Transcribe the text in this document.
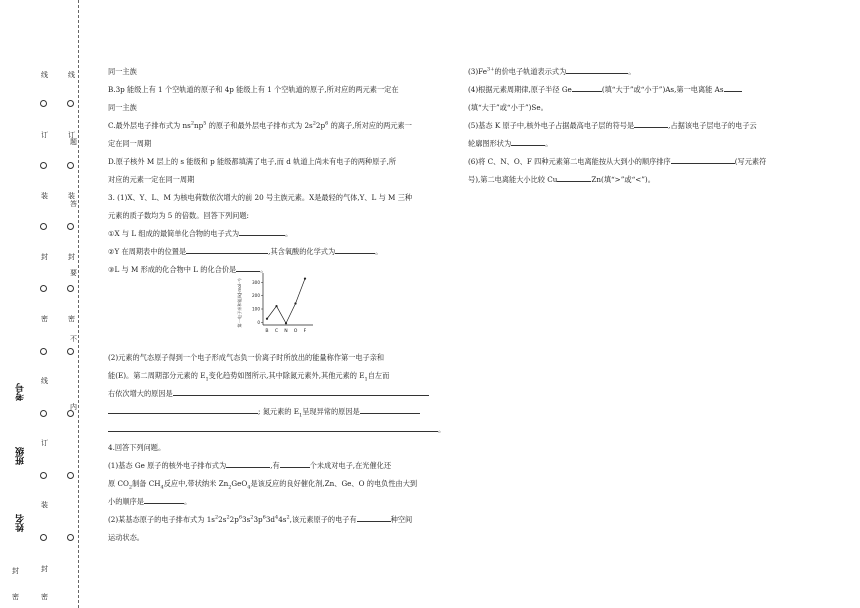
线
订
装
封
密
线
订
装
封
密
线
订
装
封
密
封
密
考号
班级
姓名
题
答
要
不
内

同一主族

B.3p 能级上有 1 个空轨道的原子和 4p 能级上有 1 个空轨道的原子,所对应的两元素一定在

同一主族

C.最外层电子排布式为 $ns^2np^5$ 的原子和最外层电子排布式为 $2s^22p^6$ 的离子,所对应的两元素一

定在同一周期

D.原子核外 M 层上的 s 能级和 p 能级都填满了电子,而 d 轨道上尚未有电子的两种原子,所

对应的元素一定在同一周期

3. (1)X、Y、L、M 为核电荷数依次增大的前 20 号主族元素。X是最轻的气体,Y、L 与 M 三种

元素的质子数均为 5 的倍数。回答下列问题:

①X 与 L 组成的最简单化合物的电子式为	。

②Y 在周期表中的位置是	,其含氧酸的化学式为	。

③L 与 M 形成的化合物中 L 的化合价是	。

第一电子亲和能(kJ·mol⁻¹) 300
200
100
0
B C N O F

(2)元素的气态原子得到一个电子形成气态负一价离子时所放出的能量称作第一电子亲和

能(E)。第二周期部分元素的 $E_1$变化趋势如图所示,其中除氮元素外,其他元素的 $E_1$自左而

右依次增大的原因是

; 氮元素的 $E_1$呈现异常的原因是

。

4.回答下列问题。

(1)基态 Ge 原子的核外电子排布式为	,有	个未成对电子,在光催化还

原 $CO_2$制备 $CH_4$反应中,带状纳米 $Zn_2GeO_4$是该反应的良好催化剂,Zn、Ge、O 的电负性由大到

小的顺序是	。

(2)某基态原子的电子排布式为 $1s^22s^22p^63s^23p^63d^44s^2$,该元素原子的电子有	种空间

运动状态。

$(3)Fe^{3+}$的价电子轨道表示式为	。

(4)根据元素周期律,原子半径 Ge	(填“大于”或“小于”)As,第一电离能 As

(填“大于”或“小于”)Se。

(5)基态 K 原子中,核外电子占据最高电子层的符号是	,占据该电子层电子的电子云

轮廓图形状为	。

(6)将 C、N、O、F 四种元素第二电离能按从大到小的顺序排序	(写元素符

号),第二电离能大小比较 Cu	Zn(填“>”或“<”)。
